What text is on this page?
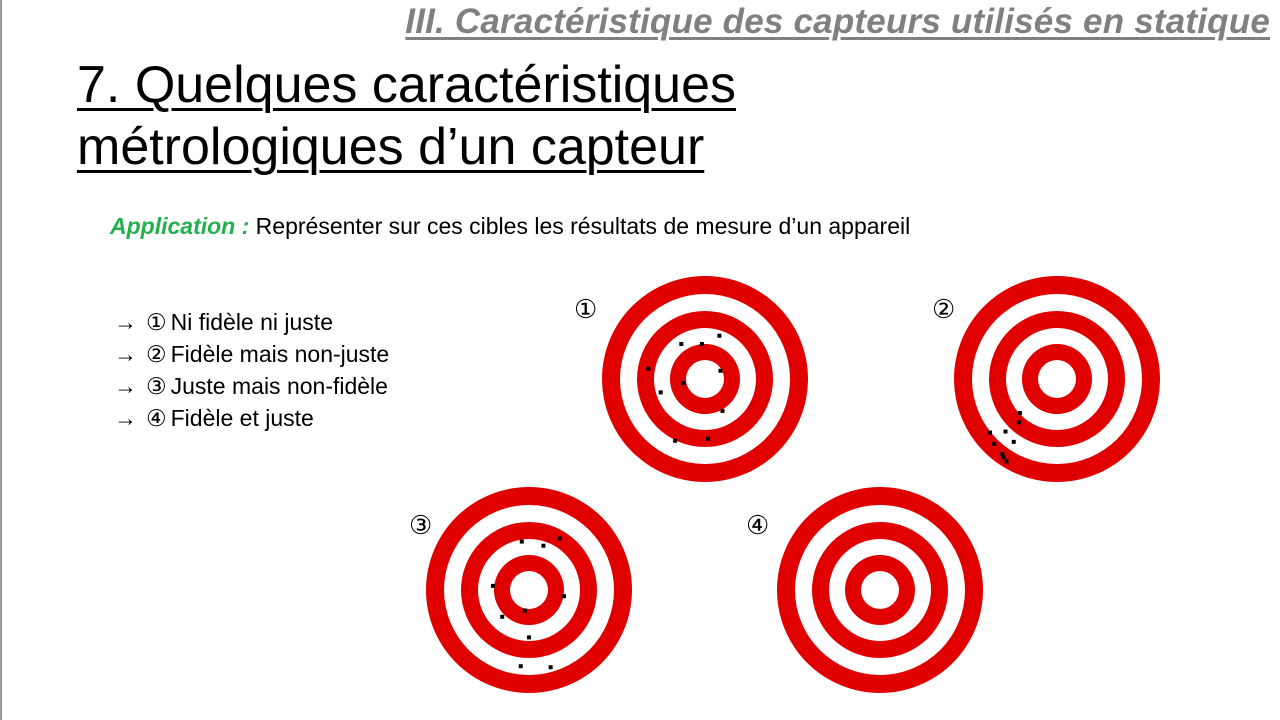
III. Caractéristique des capteurs utilisés en statique
7. Quelques caractéristiques
métrologiques d’un capteur
Application : Représenter sur ces cibles les résultats de mesure d’un appareil
→ ① Ni fidèle ni juste
→ ② Fidèle mais non-juste
→ ③ Juste mais non-fidèle
→ ④ Fidèle et juste
①	②
③	④
